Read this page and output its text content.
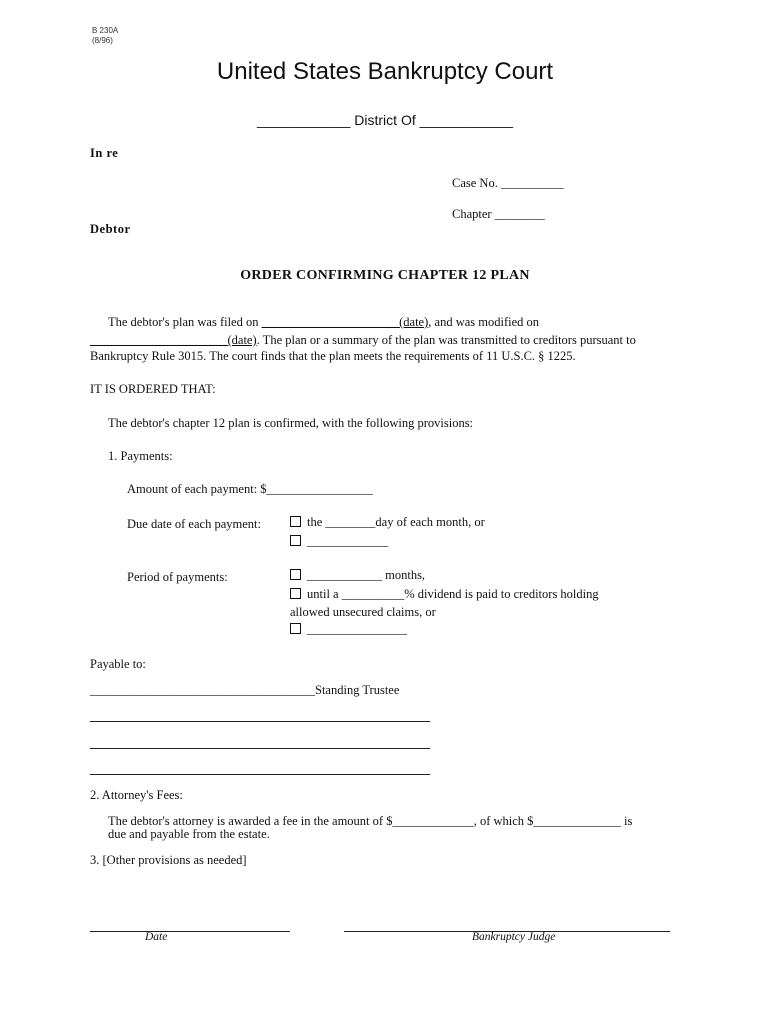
B 230A
(8/96)
United States Bankruptcy Court
____________ District Of ____________
In re
Case No. __________
Chapter ________
Debtor
ORDER CONFIRMING CHAPTER 12 PLAN
The debtor's plan was filed on ______________________(date), and was modified on
______________________(date). The plan or a summary of the plan was transmitted to creditors pursuant to
Bankruptcy Rule 3015. The court finds that the plan meets the requirements of 11 U.S.C. § 1225.
IT IS ORDERED THAT:
The debtor's chapter 12 plan is confirmed, with the following provisions:
1. Payments:
Amount of each payment: $_________________
Due date of each payment:	the ________day of each month, or
_____________
Period of payments:	____________ months,
until a __________% dividend is paid to creditors holding
allowed unsecured claims, or
________________
Payable to:
____________________________________Standing Trustee
2. Attorney's Fees:
The debtor's attorney is awarded a fee in the amount of $_____________, of which $______________ is
due and payable from the estate.
3. [Other provisions as needed]
Date	Bankruptcy Judge
